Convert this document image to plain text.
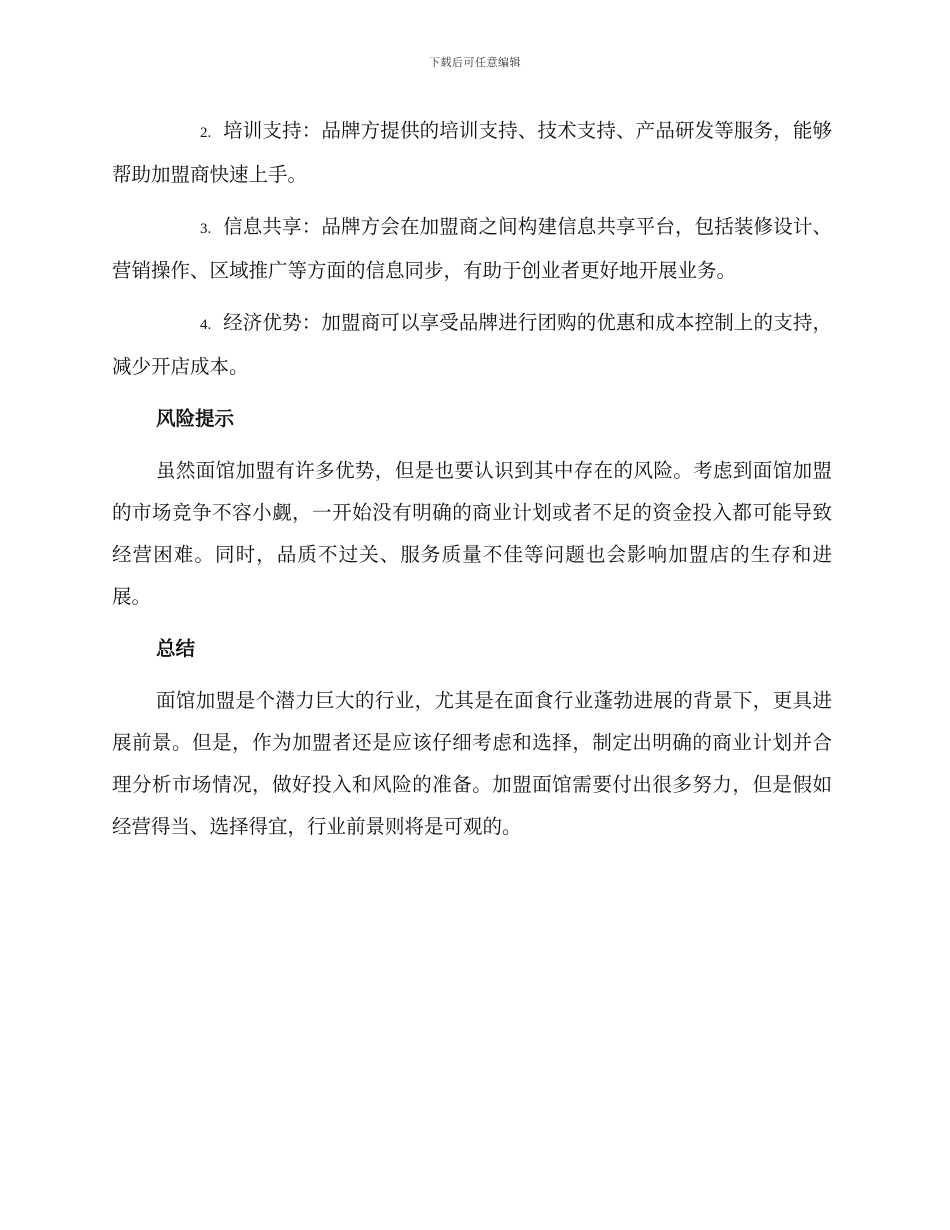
下载后可任意编辑

2. 培训支持：品牌方提供的培训支持、技术支持、产品研发等服务，能够帮助加盟商快速上手。

3. 信息共享：品牌方会在加盟商之间构建信息共享平台，包括装修设计、营销操作、区域推广等方面的信息同步，有助于创业者更好地开展业务。

4. 经济优势：加盟商可以享受品牌进行团购的优惠和成本控制上的支持，减少开店成本。

风险提示

虽然面馆加盟有许多优势，但是也要认识到其中存在的风险。考虑到面馆加盟的市场竞争不容小觑，一开始没有明确的商业计划或者不足的资金投入都可能导致经营困难。同时，品质不过关、服务质量不佳等问题也会影响加盟店的生存和进展。

总结

面馆加盟是个潜力巨大的行业，尤其是在面食行业蓬勃进展的背景下，更具进展前景。但是，作为加盟者还是应该仔细考虑和选择，制定出明确的商业计划并合理分析市场情况，做好投入和风险的准备。加盟面馆需要付出很多努力，但是假如经营得当、选择得宜，行业前景则将是可观的。
